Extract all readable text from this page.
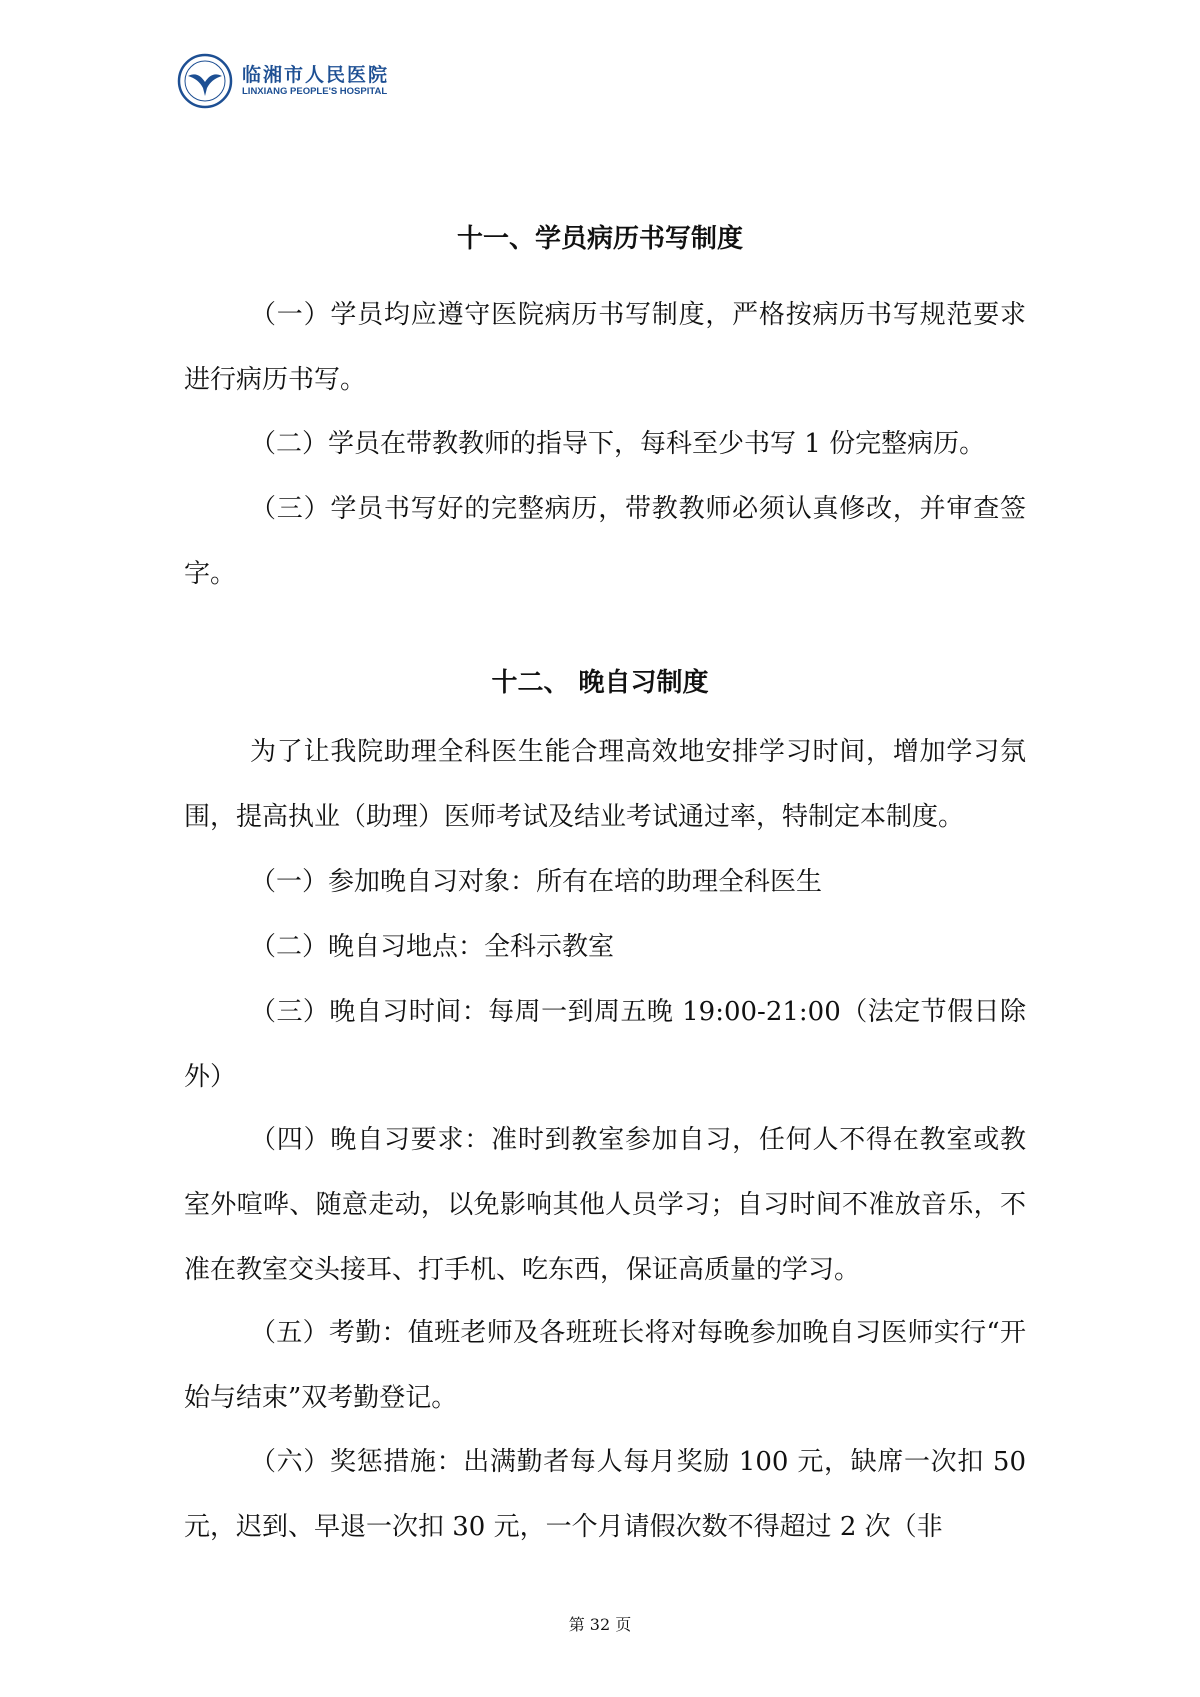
临湘市人民医院
LINXIANG PEOPLE'S HOSPITAL
十一、学员病历书写制度

（一）学员均应遵守医院病历书写制度，严格按病历书写规范要求进行病历书写。

（二）学员在带教教师的指导下，每科至少书写 1 份完整病历。

（三）学员书写好的完整病历，带教教师必须认真修改，并审查签字。

十二、 晚自习制度

为了让我院助理全科医生能合理高效地安排学习时间，增加学习氛围，提高执业（助理）医师考试及结业考试通过率，特制定本制度。

（一）参加晚自习对象：所有在培的助理全科医生

（二）晚自习地点：全科示教室

（三）晚自习时间：每周一到周五晚 19:00-21:00（法定节假日除外）

（四）晚自习要求：准时到教室参加自习，任何人不得在教室或教室外喧哗、随意走动，以免影响其他人员学习；自习时间不准放音乐，不准在教室交头接耳、打手机、吃东西，保证高质量的学习。

（五）考勤：值班老师及各班班长将对每晚参加晚自习医师实行“开始与结束”双考勤登记。

（六）奖惩措施：出满勤者每人每月奖励 100 元，缺席一次扣 50 元，迟到、早退一次扣 30 元，一个月请假次数不得超过 2 次（非

第 32 页
